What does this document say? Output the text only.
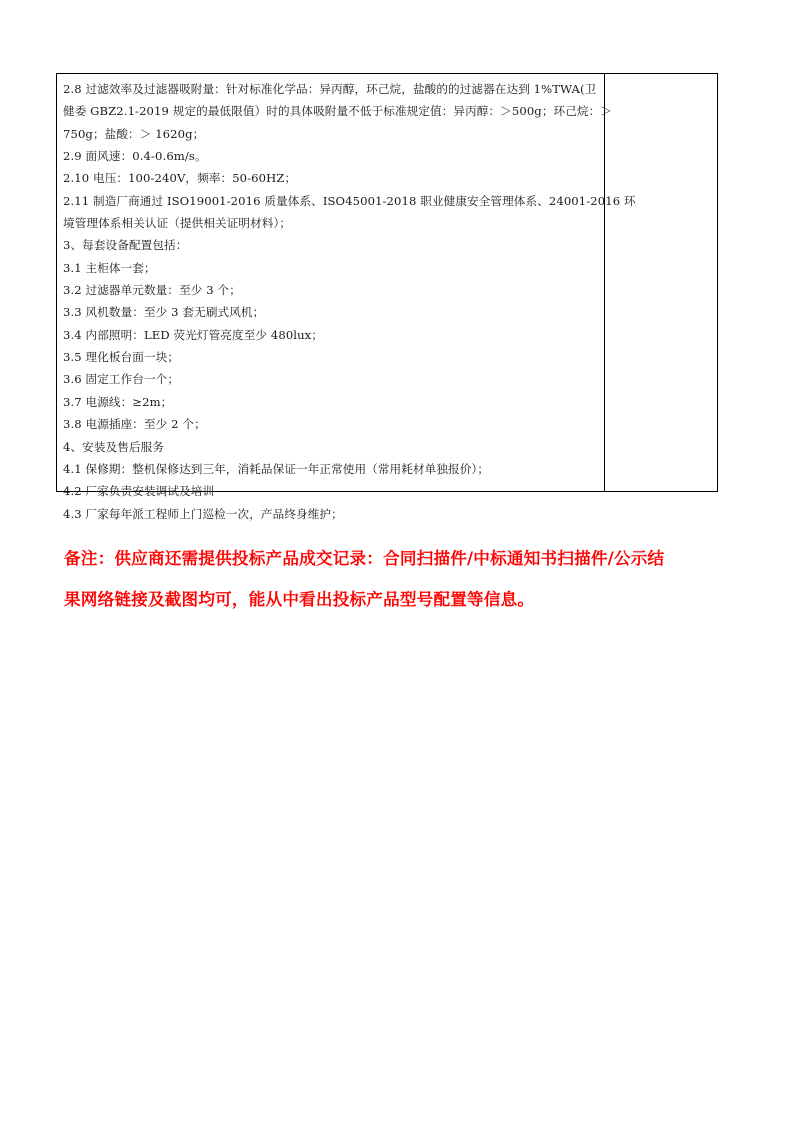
2.8 过滤效率及过滤器吸附量：针对标准化学品：异丙醇，环己烷，盐酸的的过滤器在达到 1%TWA(卫
健委 GBZ2.1-2019 规定的最低限值）时的具体吸附量不低于标准规定值：异丙醇：＞500g；环己烷：＞
750g；盐酸：＞ 1620g；
2.9 面风速：0.4-0.6m/s。
2.10 电压：100-240V，频率：50-60HZ；
2.11 制造厂商通过 ISO19001-2016 质量体系、ISO45001-2018 职业健康安全管理体系、24001-2016 环
境管理体系相关认证（提供相关证明材料）；
3、每套设备配置包括：
3.1 主柜体一套；
3.2 过滤器单元数量：至少 3 个；
3.3 风机数量：至少 3 套无刷式风机；
3.4 内部照明：LED 荧光灯管亮度至少 480lux；
3.5 理化板台面一块；
3.6 固定工作台一个；
3.7 电源线：≥2m；
3.8 电源插座：至少 2 个；
4、安装及售后服务
4.1 保修期：整机保修达到三年，消耗品保证一年正常使用（常用耗材单独报价）；
4.2 厂家负责安装调试及培训
4.3 厂家每年派工程师上门巡检一次，产品终身维护；
备注：供应商还需提供投标产品成交记录：合同扫描件/中标通知书扫描件/公示结
果网络链接及截图均可，能从中看出投标产品型号配置等信息。
